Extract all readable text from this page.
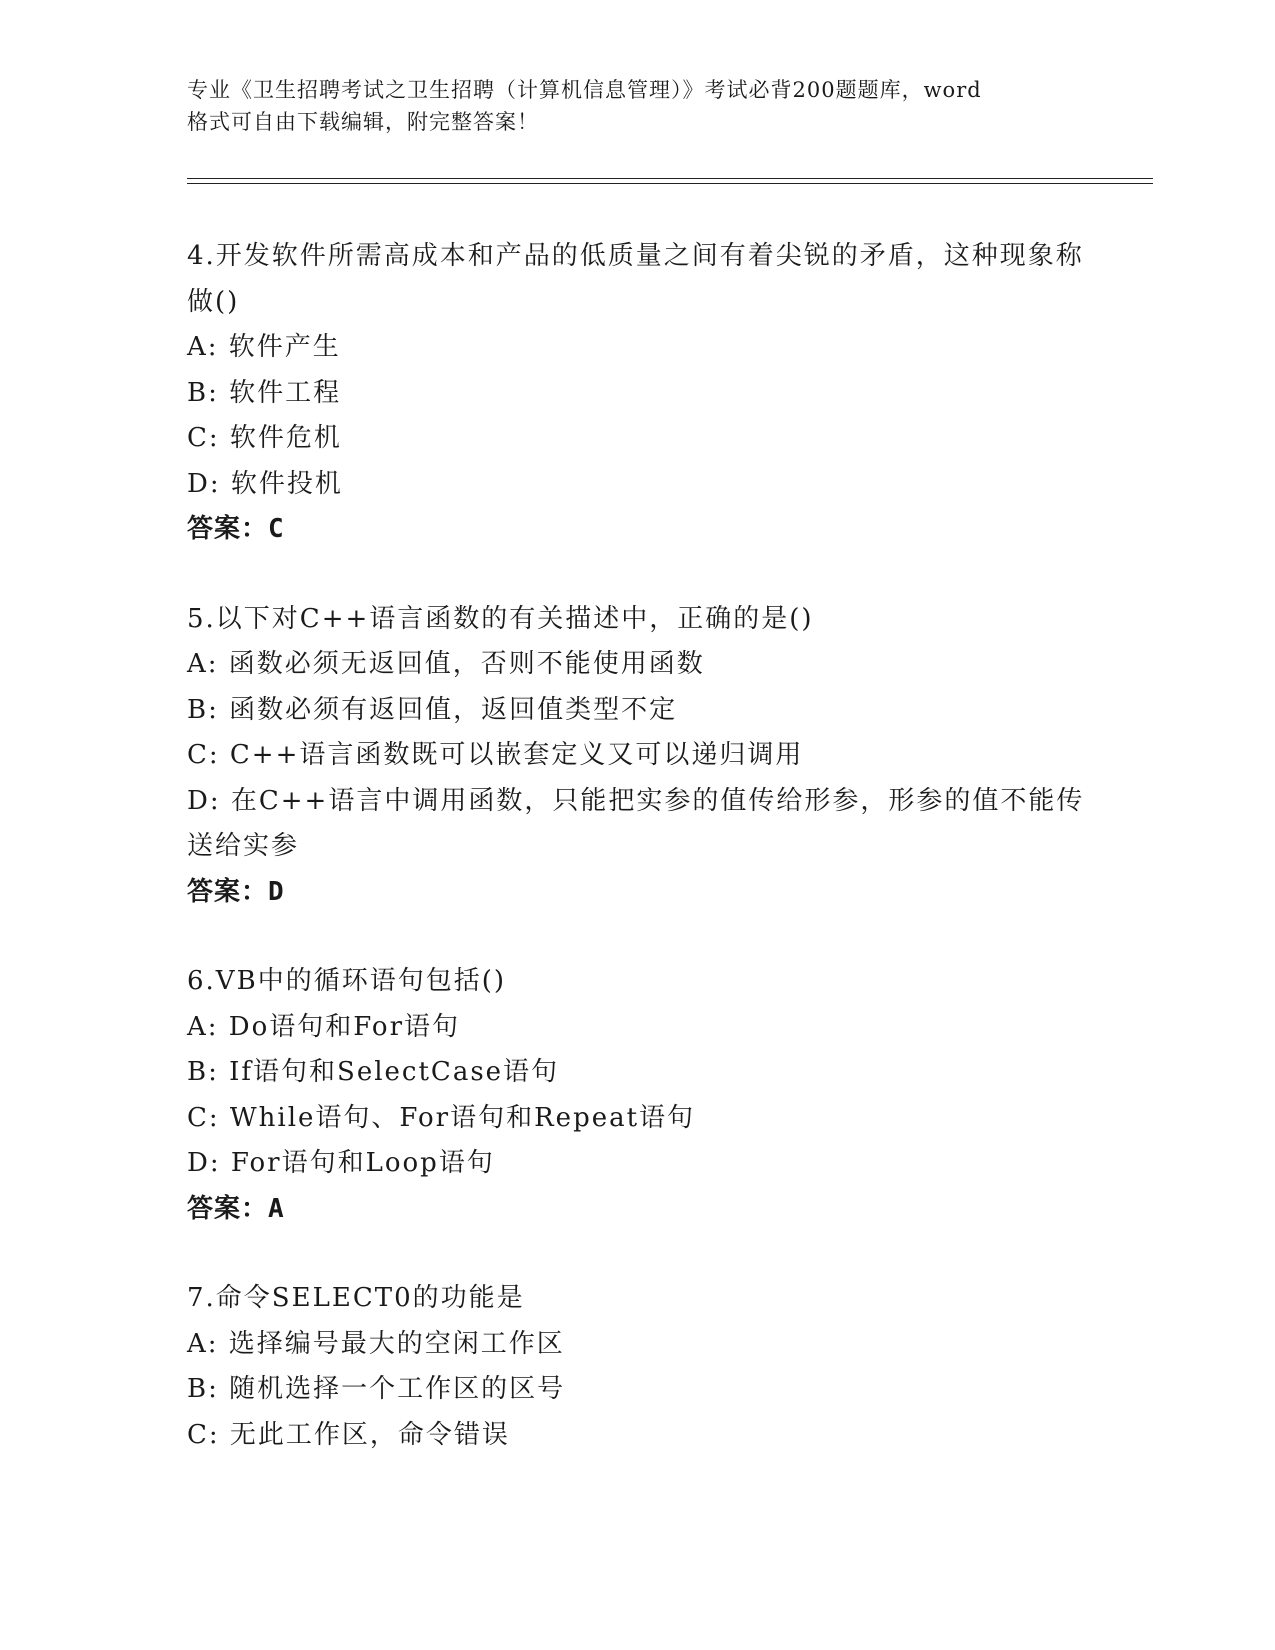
专业《卫生招聘考试之卫生招聘（计算机信息管理）》考试必背200题题库，word
格式可自由下载编辑，附完整答案！
4.开发软件所需高成本和产品的低质量之间有着尖锐的矛盾，这种现象称做()
A: 软件产生
B: 软件工程
C: 软件危机
D: 软件投机
答案：C
5.以下对C++语言函数的有关描述中，正确的是()
A: 函数必须无返回值，否则不能使用函数
B: 函数必须有返回值，返回值类型不定
C: C++语言函数既可以嵌套定义又可以递归调用
D: 在C++语言中调用函数，只能把实参的值传给形参，形参的值不能传送给实参
答案：D
6.VB中的循环语句包括()
A: Do语句和For语句
B: If语句和SelectCase语句
C: While语句、For语句和Repeat语句
D: For语句和Loop语句
答案：A
7.命令SELECT0的功能是
A: 选择编号最大的空闲工作区
B: 随机选择一个工作区的区号
C: 无此工作区，命令错误
